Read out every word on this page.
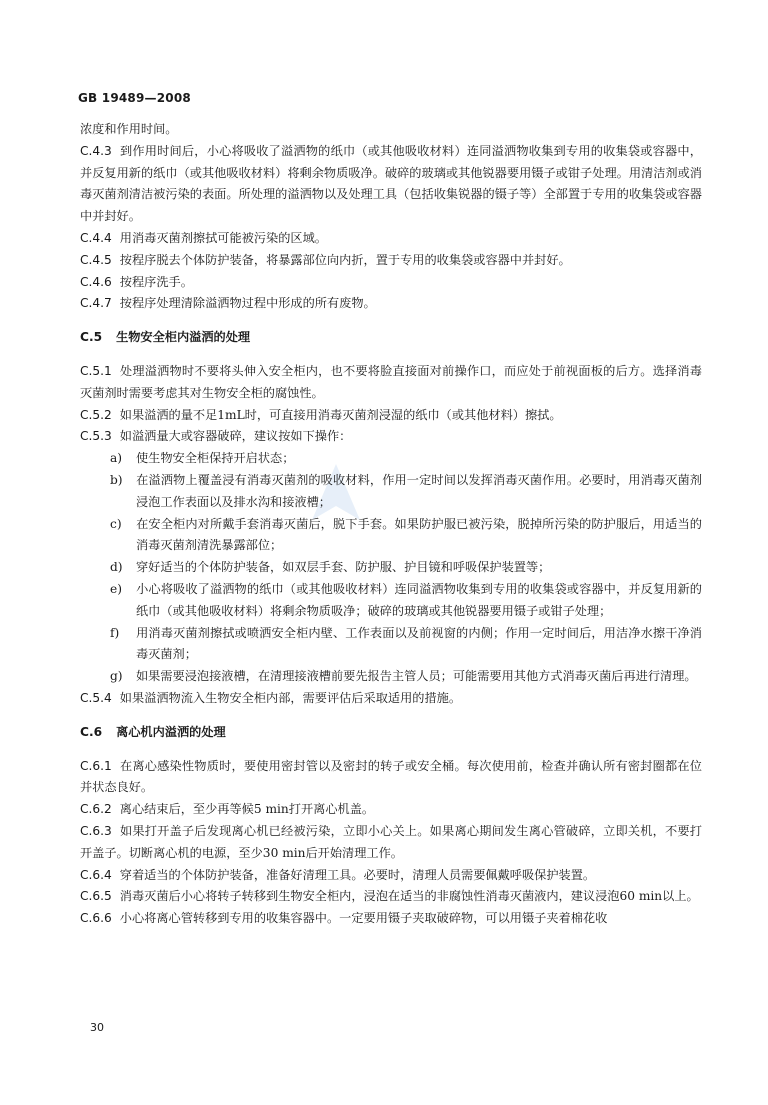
GB 19489—2008

浓度和作用时间。

C.4.3 到作用时间后，小心将吸收了溢洒物的纸巾（或其他吸收材料）连同溢洒物收集到专用的收集袋或容器中，并反复用新的纸巾（或其他吸收材料）将剩余物质吸净。破碎的玻璃或其他锐器要用镊子或钳子处理。用清洁剂或消毒灭菌剂清洁被污染的表面。所处理的溢洒物以及处理工具（包括收集锐器的镊子等）全部置于专用的收集袋或容器中并封好。

C.4.4 用消毒灭菌剂擦拭可能被污染的区域。

C.4.5 按程序脱去个体防护装备，将暴露部位向内折，置于专用的收集袋或容器中并封好。

C.4.6 按程序洗手。

C.4.7 按程序处理清除溢洒物过程中形成的所有废物。

C.5 生物安全柜内溢洒的处理

C.5.1 处理溢洒物时不要将头伸入安全柜内，也不要将脸直接面对前操作口，而应处于前视面板的后方。选择消毒灭菌剂时需要考虑其对生物安全柜的腐蚀性。

C.5.2 如果溢洒的量不足1mL时，可直接用消毒灭菌剂浸湿的纸巾（或其他材料）擦拭。

C.5.3 如溢洒量大或容器破碎，建议按如下操作：

a) 使生物安全柜保持开启状态；

b) 在溢洒物上覆盖浸有消毒灭菌剂的吸收材料，作用一定时间以发挥消毒灭菌作用。必要时，用消毒灭菌剂浸泡工作表面以及排水沟和接液槽；

c) 在安全柜内对所戴手套消毒灭菌后，脱下手套。如果防护服已被污染，脱掉所污染的防护服后，用适当的消毒灭菌剂清洗暴露部位；

d) 穿好适当的个体防护装备，如双层手套、防护服、护目镜和呼吸保护装置等；

e) 小心将吸收了溢洒物的纸巾（或其他吸收材料）连同溢洒物收集到专用的收集袋或容器中，并反复用新的纸巾（或其他吸收材料）将剩余物质吸净；破碎的玻璃或其他锐器要用镊子或钳子处理；

f) 用消毒灭菌剂擦拭或喷洒安全柜内壁、工作表面以及前视窗的内侧；作用一定时间后，用洁净水擦干净消毒灭菌剂；

g) 如果需要浸泡接液槽，在清理接液槽前要先报告主管人员；可能需要用其他方式消毒灭菌后再进行清理。

C.5.4 如果溢洒物流入生物安全柜内部，需要评估后采取适用的措施。

C.6 离心机内溢洒的处理

C.6.1 在离心感染性物质时，要使用密封管以及密封的转子或安全桶。每次使用前，检查并确认所有密封圈都在位并状态良好。

C.6.2 离心结束后，至少再等候5 min打开离心机盖。

C.6.3 如果打开盖子后发现离心机已经被污染，立即小心关上。如果离心期间发生离心管破碎，立即关机，不要打开盖子。切断离心机的电源，至少30 min后开始清理工作。

C.6.4 穿着适当的个体防护装备，准备好清理工具。必要时，清理人员需要佩戴呼吸保护装置。

C.6.5 消毒灭菌后小心将转子转移到生物安全柜内，浸泡在适当的非腐蚀性消毒灭菌液内，建议浸泡60 min以上。

C.6.6 小心将离心管转移到专用的收集容器中。一定要用镊子夹取破碎物，可以用镊子夹着棉花收

30
